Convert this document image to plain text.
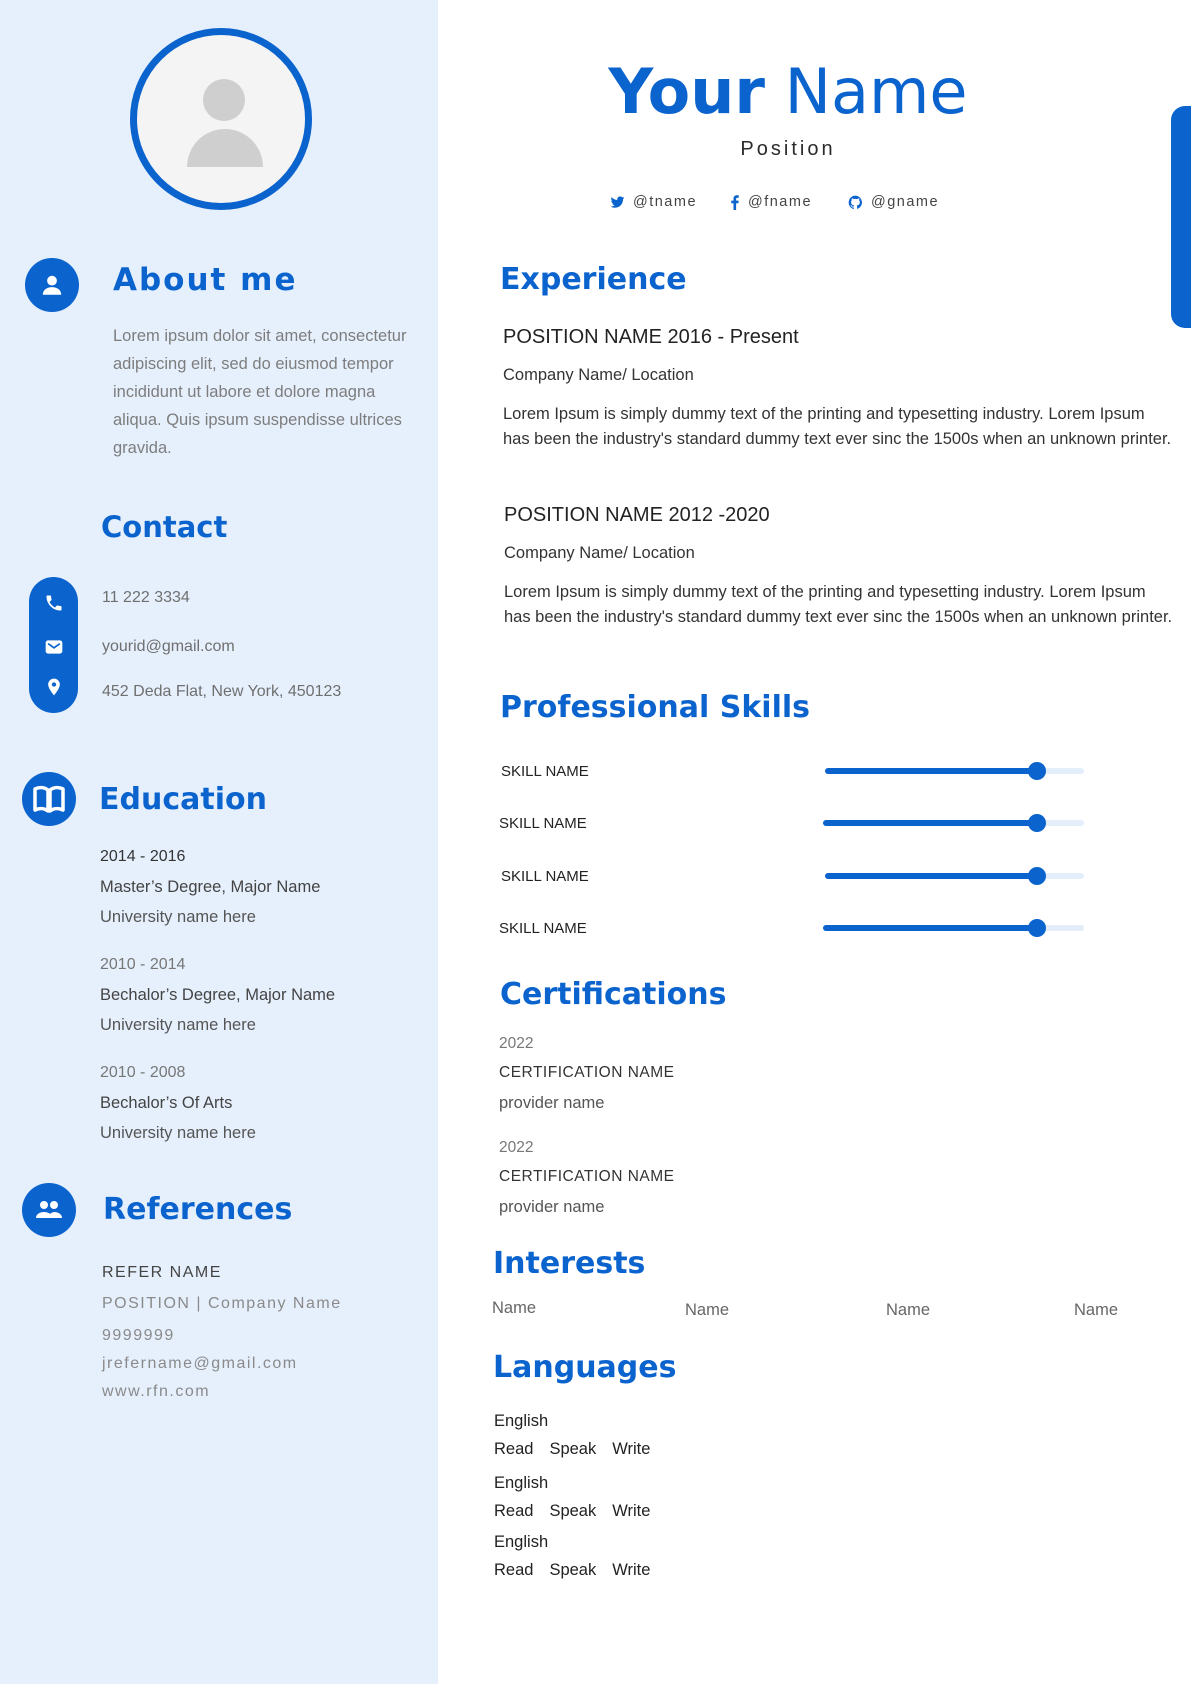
About me
Lorem ipsum dolor sit amet, consectetur adipiscing elit, sed do eiusmod tempor incididunt ut labore et dolore magna aliqua. Quis ipsum suspendisse ultrices gravida.
Contact
11 222 3334
yourid@gmail.com
452 Deda Flat, New York, 450123
Education
2014 - 2016
Master’s Degree, Major Name
University name here
2010 - 2014
Bechalor’s Degree, Major Name
University name here
2010 - 2008
Bechalor’s Of Arts
University name here
References
REFER NAME
POSITION | Company Name
9999999
jrefername@gmail.com
www.rfn.com
Your Name
Position
@tname	@fname	@gname
Experience
POSITION NAME 2016 - Present
Company Name/ Location
Lorem Ipsum is simply dummy text of the printing and typesetting industry. Lorem Ipsum has been the industry's standard dummy text ever sinc the 1500s when an unknown printer.
POSITION NAME 2012 -2020
Company Name/ Location
Lorem Ipsum is simply dummy text of the printing and typesetting industry. Lorem Ipsum has been the industry's standard dummy text ever sinc the 1500s when an unknown printer.
Professional Skills
SKILL NAME
SKILL NAME
SKILL NAME
SKILL NAME
Certifications
2022
CERTIFICATION NAME
provider name
2022
CERTIFICATION NAME
provider name
Interests
Name	Name	Name	Name
Languages
English
Read Speak Write
English
Read Speak Write
English
Read Speak Write
